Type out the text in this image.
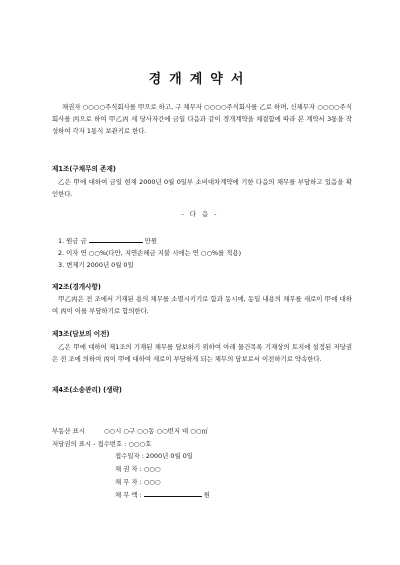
경개계약서
채권자 ○○○○주식회사를 甲으로 하고, 구 채무자 ○○○○주식회사를 乙로 하며, 신채무자 ○○○○주식회사를 丙으로 하여 甲乙丙 세 당사자간에 금일 다음과 같이 경개계약을 체결함에 따라 본 계약서 3통을 작성하여 각자 1통식 보관키로 한다.
제1조(구채무의 존재)
乙은 甲에 대하여 금일 현재 2000년 0월 0일부 소비대차계약에 기한 다음의 채무를 부담하고 있음을 확인한다.
- 다 음 -
1. 원금 금	만원
2. 이자 연 ○○%(다만, 지연손해금 지불 시에는 연 ○○%를 적용)
3. 변제기 2000년 0월 0일
제2조(경개사항)
甲乙丙은 전 조에서 기재된 용의 채무를 소멸시키기로 함과 동시에, 동일 내용의 채무를 새로이 甲에 대하여 丙이 이를 부담하기로 합의한다.
제3조(담보의 이전)
乙은 甲에 대하여 제1조의 기재된 채무를 담보하기 위하여 아래 물건목록 기재상의 토지에 설정된 저당권은 전 조에 의하여 丙이 甲에 대하여 새로이 부담하게 되는 채무의 담보로서 이전하기로 약속한다.
제4조(소송관리) (생략)
부동산 표시	○○시 ○구 ○○동 ○○번지 대 ○○㎡
저당권의 표시 - 접수번호 : ○○○호
접수일자 : 2000년 0월 0일
채 권 자 : ○○○
채 무 자 : ○○○
채 무 액 :	원
